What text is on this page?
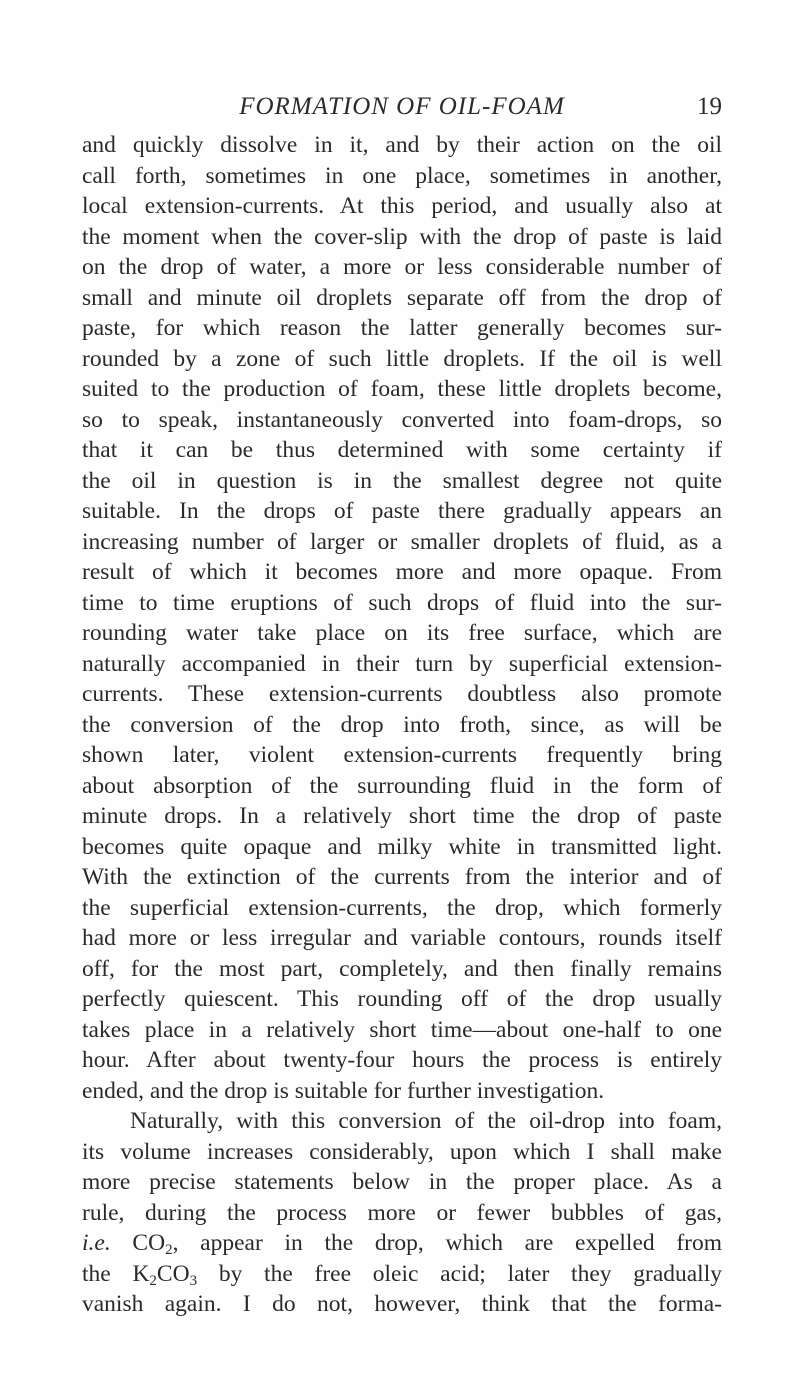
FORMATION OF OIL-FOAM	19
and quickly dissolve in it, and by their action on the oil
call forth, sometimes in one place, sometimes in another,
local extension-currents. At this period, and usually also at
the moment when the cover-slip with the drop of paste is laid
on the drop of water, a more or less considerable number of
small and minute oil droplets separate off from the drop of
paste, for which reason the latter generally becomes sur-
rounded by a zone of such little droplets. If the oil is well
suited to the production of foam, these little droplets become,
so to speak, instantaneously converted into foam-drops, so
that it can be thus determined with some certainty if
the oil in question is in the smallest degree not quite
suitable. In the drops of paste there gradually appears an
increasing number of larger or smaller droplets of fluid, as a
result of which it becomes more and more opaque. From
time to time eruptions of such drops of fluid into the sur-
rounding water take place on its free surface, which are
naturally accompanied in their turn by superficial extension-
currents. These extension-currents doubtless also promote
the conversion of the drop into froth, since, as will be
shown later, violent extension-currents frequently bring
about absorption of the surrounding fluid in the form of
minute drops. In a relatively short time the drop of paste
becomes quite opaque and milky white in transmitted light.
With the extinction of the currents from the interior and of
the superficial extension-currents, the drop, which formerly
had more or less irregular and variable contours, rounds itself
off, for the most part, completely, and then finally remains
perfectly quiescent. This rounding off of the drop usually
takes place in a relatively short time—about one-half to one
hour. After about twenty-four hours the process is entirely
ended, and the drop is suitable for further investigation.
Naturally, with this conversion of the oil-drop into foam,
its volume increases considerably, upon which I shall make
more precise statements below in the proper place. As a
rule, during the process more or fewer bubbles of gas,
i.e. $CO_2$, appear in the drop, which are expelled from
the $K_2CO_3$ by the free oleic acid; later they gradually
vanish again. I do not, however, think that the forma-
